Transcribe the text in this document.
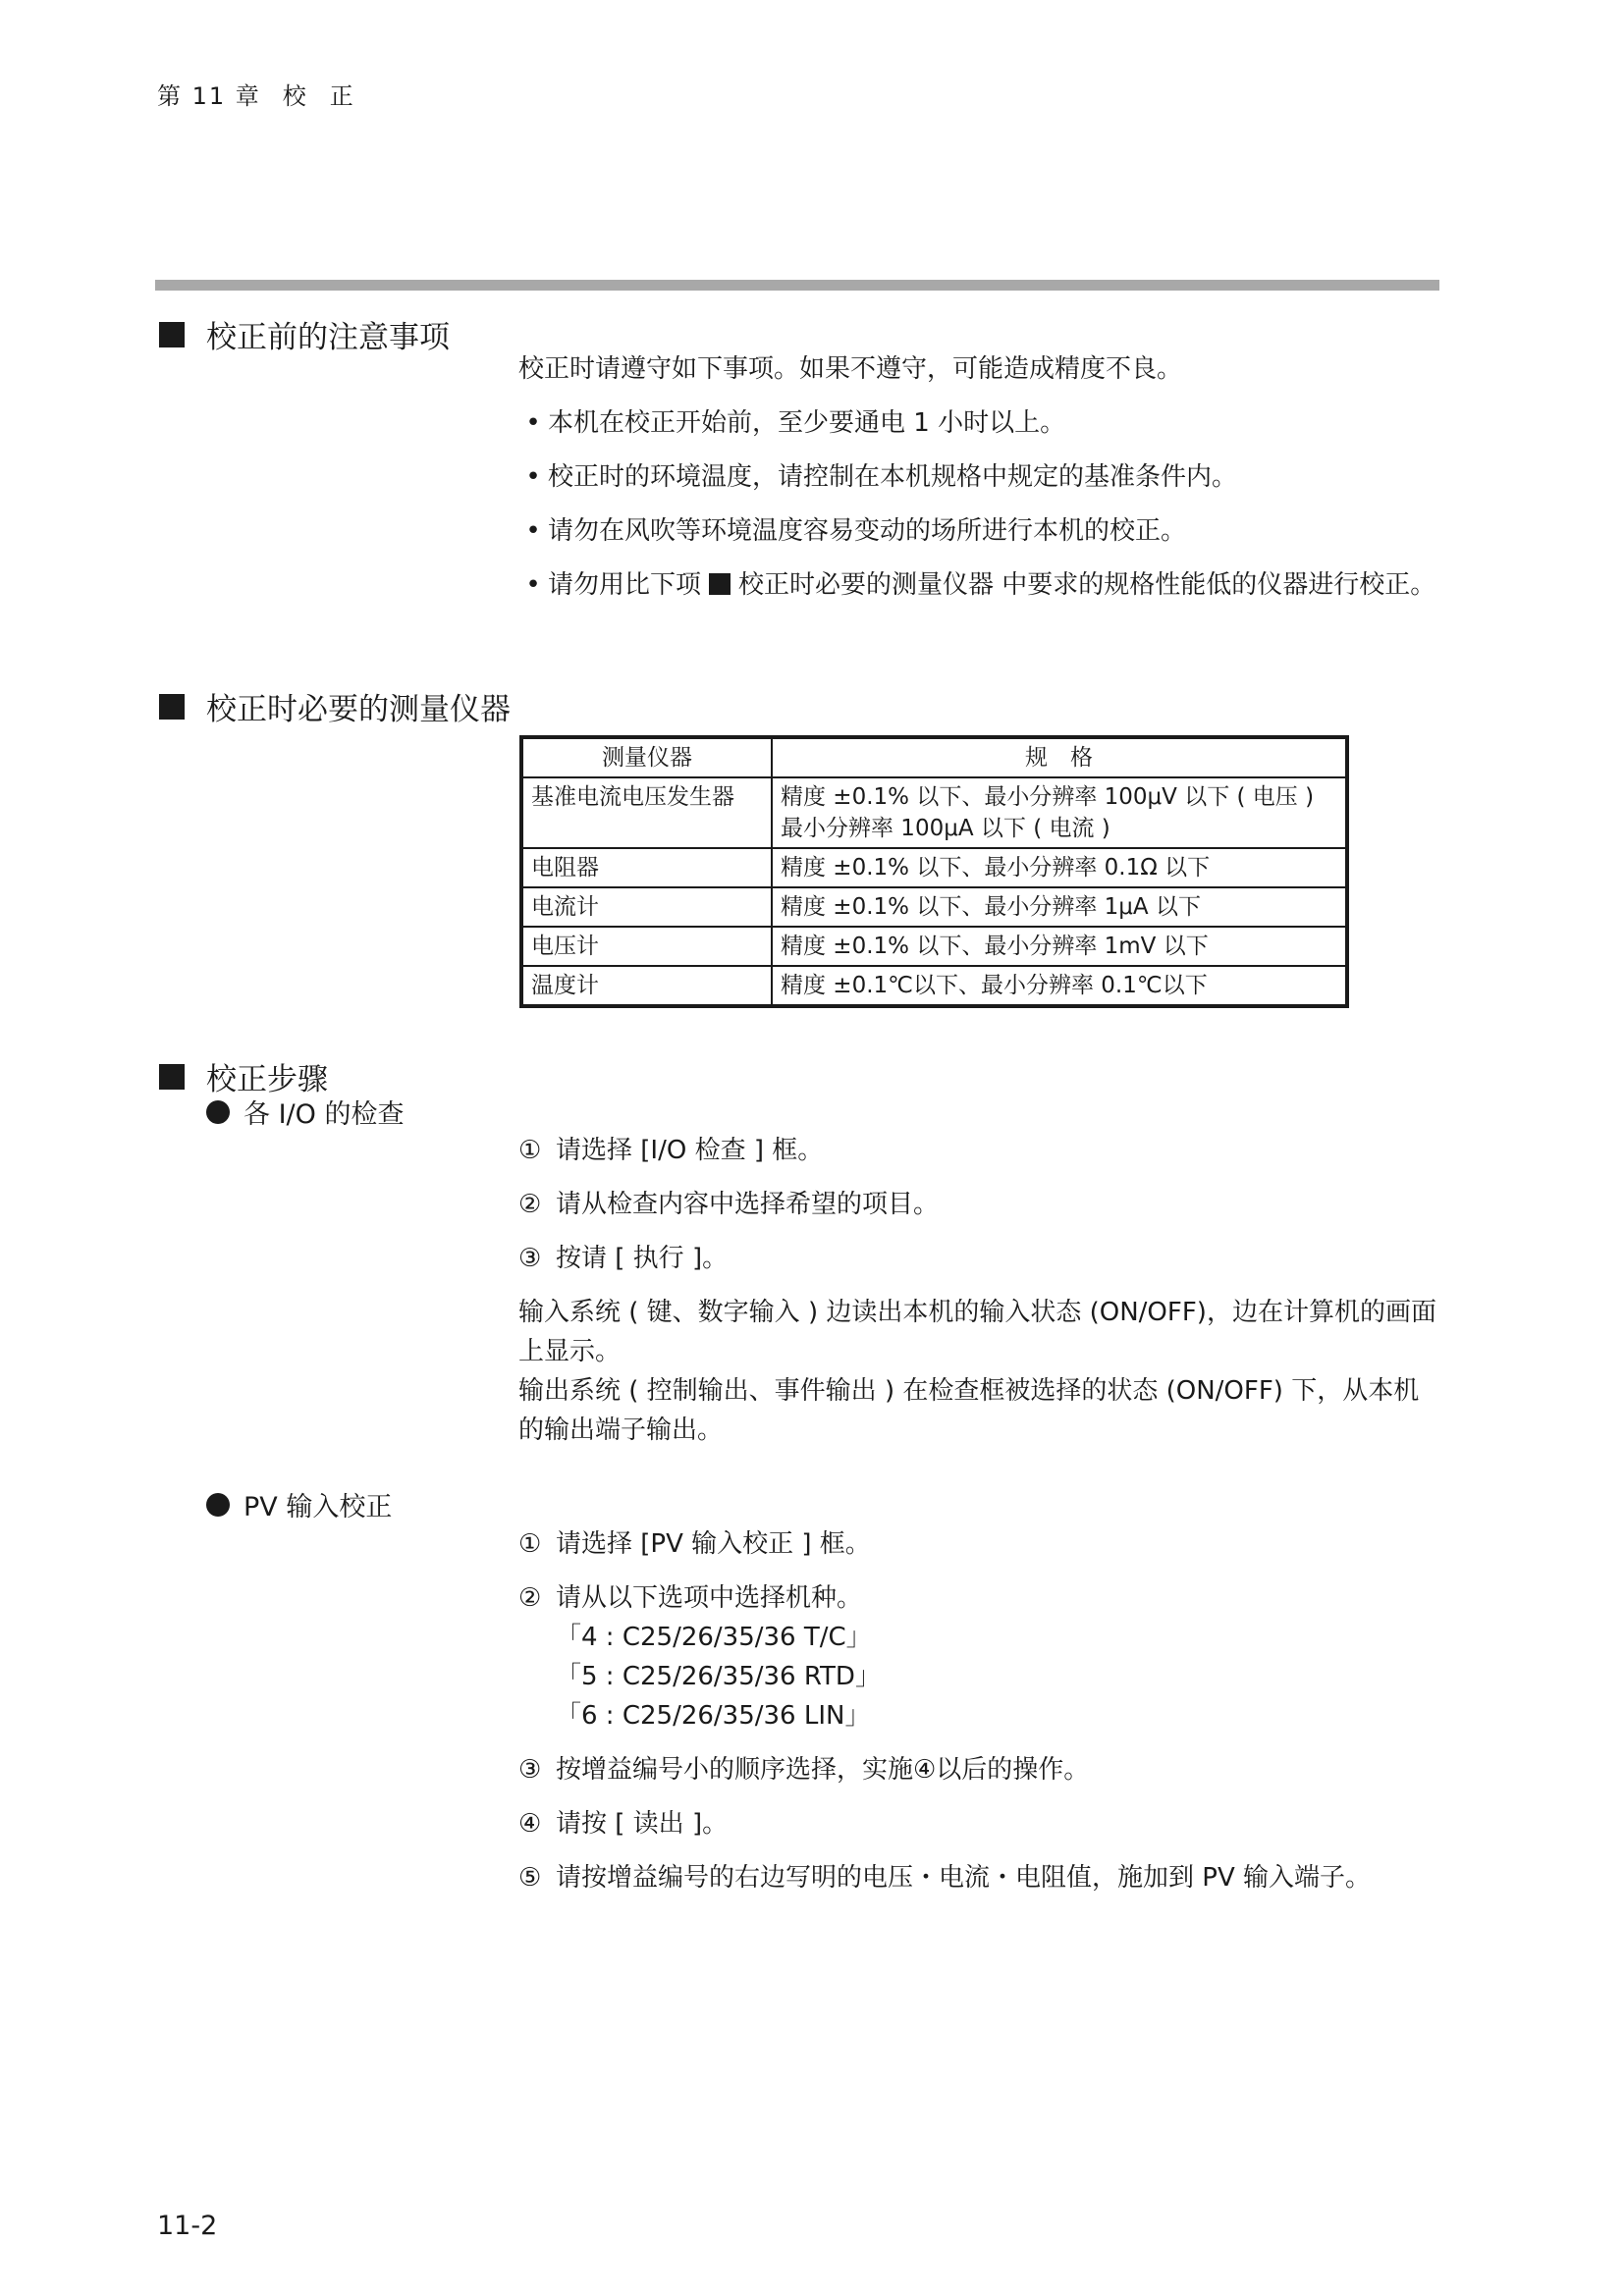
第 11 章 校 正
校正前的注意事项

校正时请遵守如下事项。如果不遵守，可能造成精度不良。

• 本机在校正开始前，至少要通电 1 小时以上。

• 校正时的环境温度，请控制在本机规格中规定的基准条件内。

• 请勿在风吹等环境温度容易变动的场所进行本机的校正。

• 请勿用比下项 校正时必要的测量仪器 中要求的规格性能低的仪器进行校正。

校正时必要的测量仪器
测量仪器	规　格
基准电流电压发生器	精度 ±0.1% 以下、最小分辨率 100μV 以下 ( 电压 )
最小分辨率 100μA 以下 ( 电流 )

电阻器	精度 ±0.1% 以下、最小分辨率 0.1Ω 以下
电流计	精度 ±0.1% 以下、最小分辨率 1μA 以下
电压计	精度 ±0.1% 以下、最小分辨率 1mV 以下
温度计	精度 ±0.1℃以下、最小分辨率 0.1℃以下
校正步骤
各 I/O 的检查

① 请选择 [I/O 检查 ] 框。

② 请从检查内容中选择希望的项目。

③ 按请 [ 执行 ]。

输入系统 ( 键、数字输入 ) 边读出本机的输入状态 (ON/OFF)，边在计算机的画面上显示。

输出系统 ( 控制输出、事件输出 ) 在检查框被选择的状态 (ON/OFF) 下，从本机的输出端子输出。

PV 输入校正

① 请选择 [PV 输入校正 ] 框。

② 请从以下选项中选择机种。

「4 : C25/26/35/36 T/C」

「5 : C25/26/35/36 RTD」

「6 : C25/26/35/36 LIN」

③ 按增益编号小的顺序选择，实施④以后的操作。

④ 请按 [ 读出 ]。

⑤ 请按增益编号的右边写明的电压・电流・电阻值，施加到 PV 输入端子。

11-2
